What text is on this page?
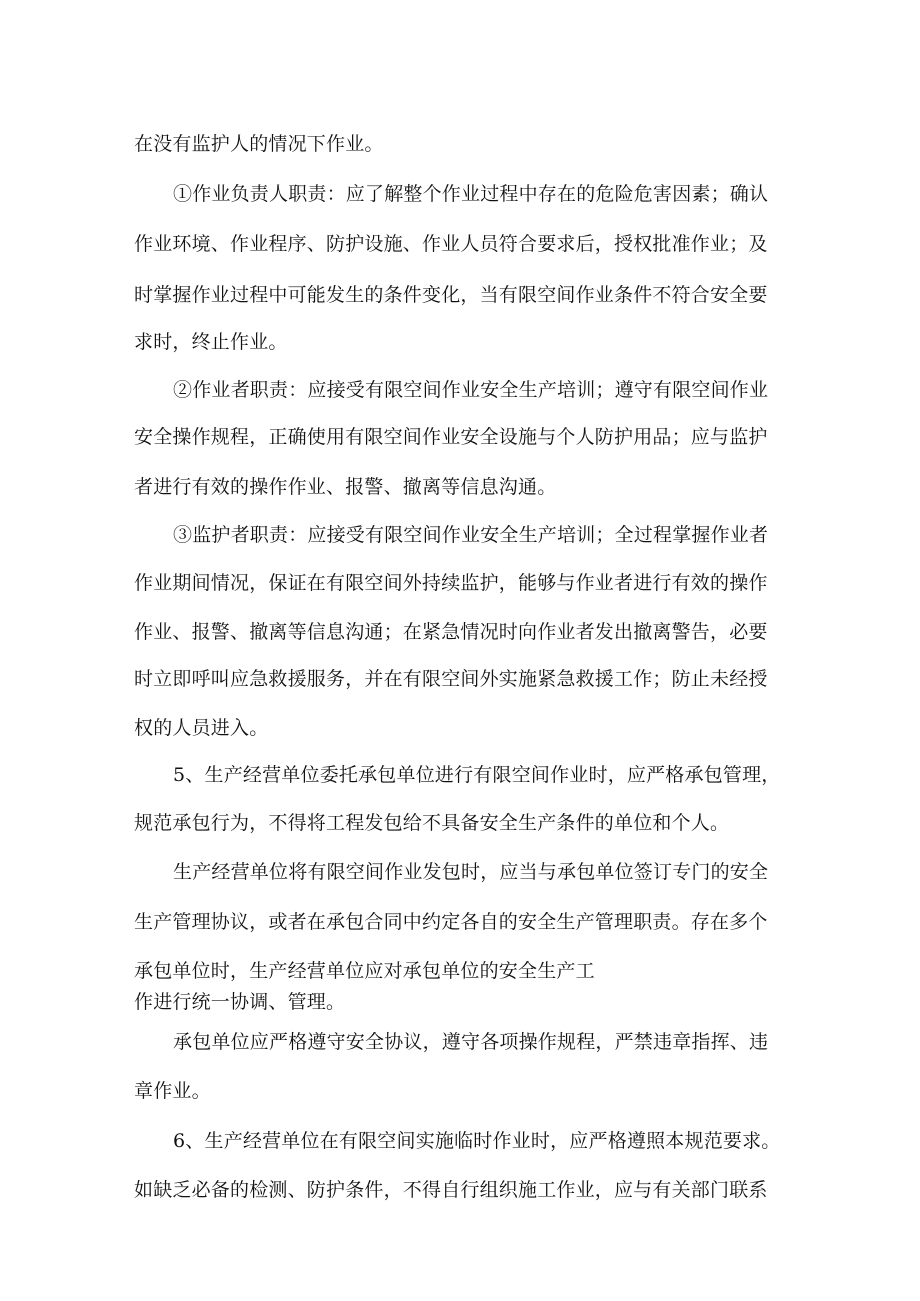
在没有监护人的情况下作业。
①作业负责人职责：应了解整个作业过程中存在的危险危害因素；确认
作业环境、作业程序、防护设施、作业人员符合要求后，授权批准作业；及
时掌握作业过程中可能发生的条件变化，当有限空间作业条件不符合安全要
求时，终止作业。
②作业者职责：应接受有限空间作业安全生产培训；遵守有限空间作业
安全操作规程，正确使用有限空间作业安全设施与个人防护用品；应与监护
者进行有效的操作作业、报警、撤离等信息沟通。
③监护者职责：应接受有限空间作业安全生产培训；全过程掌握作业者
作业期间情况，保证在有限空间外持续监护，能够与作业者进行有效的操作
作业、报警、撤离等信息沟通；在紧急情况时向作业者发出撤离警告，必要
时立即呼叫应急救援服务，并在有限空间外实施紧急救援工作；防止未经授
权的人员进入。
5、生产经营单位委托承包单位进行有限空间作业时，应严格承包管理，
规范承包行为，不得将工程发包给不具备安全生产条件的单位和个人。
生产经营单位将有限空间作业发包时，应当与承包单位签订专门的安全
生产管理协议，或者在承包合同中约定各自的安全生产管理职责。存在多个
承包单位时，生产经营单位应对承包单位的安全生产工
作进行统一协调、管理。
承包单位应严格遵守安全协议，遵守各项操作规程，严禁违章指挥、违
章作业。
6、生产经营单位在有限空间实施临时作业时，应严格遵照本规范要求。
如缺乏必备的检测、防护条件，不得自行组织施工作业，应与有关部门联系
